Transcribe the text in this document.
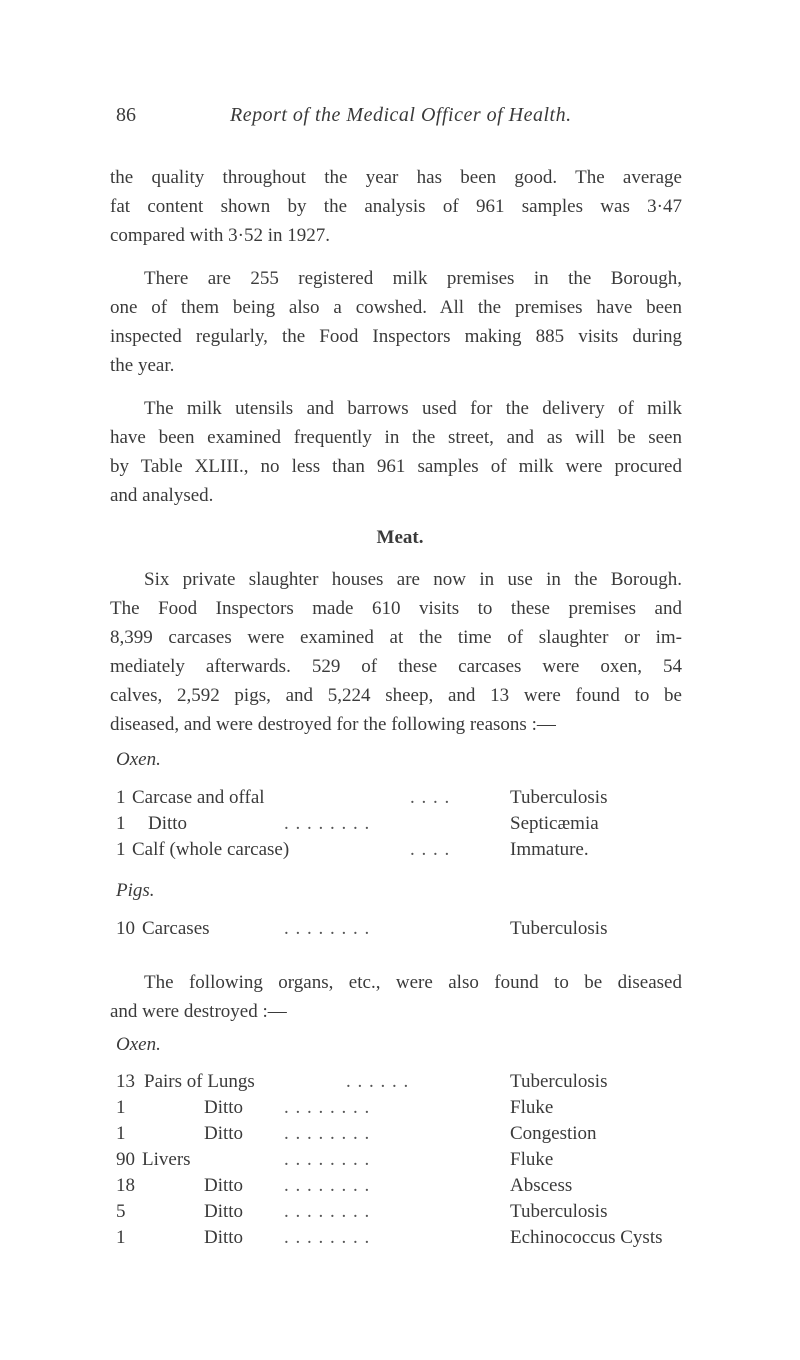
86	Report of the Medical Officer of Health.
the quality throughout the year has been good. The average
fat content shown by the analysis of 961 samples was 3·47
compared with 3·52 in 1927.
There are 255 registered milk premises in the Borough,
one of them being also a cowshed. All the premises have been
inspected regularly, the Food Inspectors making 885 visits during
the year.
The milk utensils and barrows used for the delivery of milk
have been examined frequently in the street, and as will be seen
by Table XLIII., no less than 961 samples of milk were procured
and analysed.
Meat.
Six private slaughter houses are now in use in the Borough.
The Food Inspectors made 610 visits to these premises and
8,399 carcases were examined at the time of slaughter or im-
mediately afterwards. 529 of these carcases were oxen, 54
calves, 2,592 pigs, and 5,224 sheep, and 13 were found to be
diseased, and were destroyed for the following reasons :—
Oxen.
1 Carcase and offal	. . . .	Tuberculosis
1 Ditto	. . . . . . . .	Septicæmia
1 Calf (whole carcase)	. . . .	Immature.
Pigs.
10 Carcases	. . . . . . . .	Tuberculosis
The following organs, etc., were also found to be diseased
and were destroyed :—
Oxen.
13 Pairs of Lungs	. . . . . .	Tuberculosis
1	Ditto . . . . . . . .	Fluke
1	Ditto . . . . . . . .	Congestion
90 Livers	. . . . . . . .	Fluke
18	Ditto . . . . . . . .	Abscess
5	Ditto . . . . . . . .	Tuberculosis
1	Ditto . . . . . . . .	Echinococcus Cysts
